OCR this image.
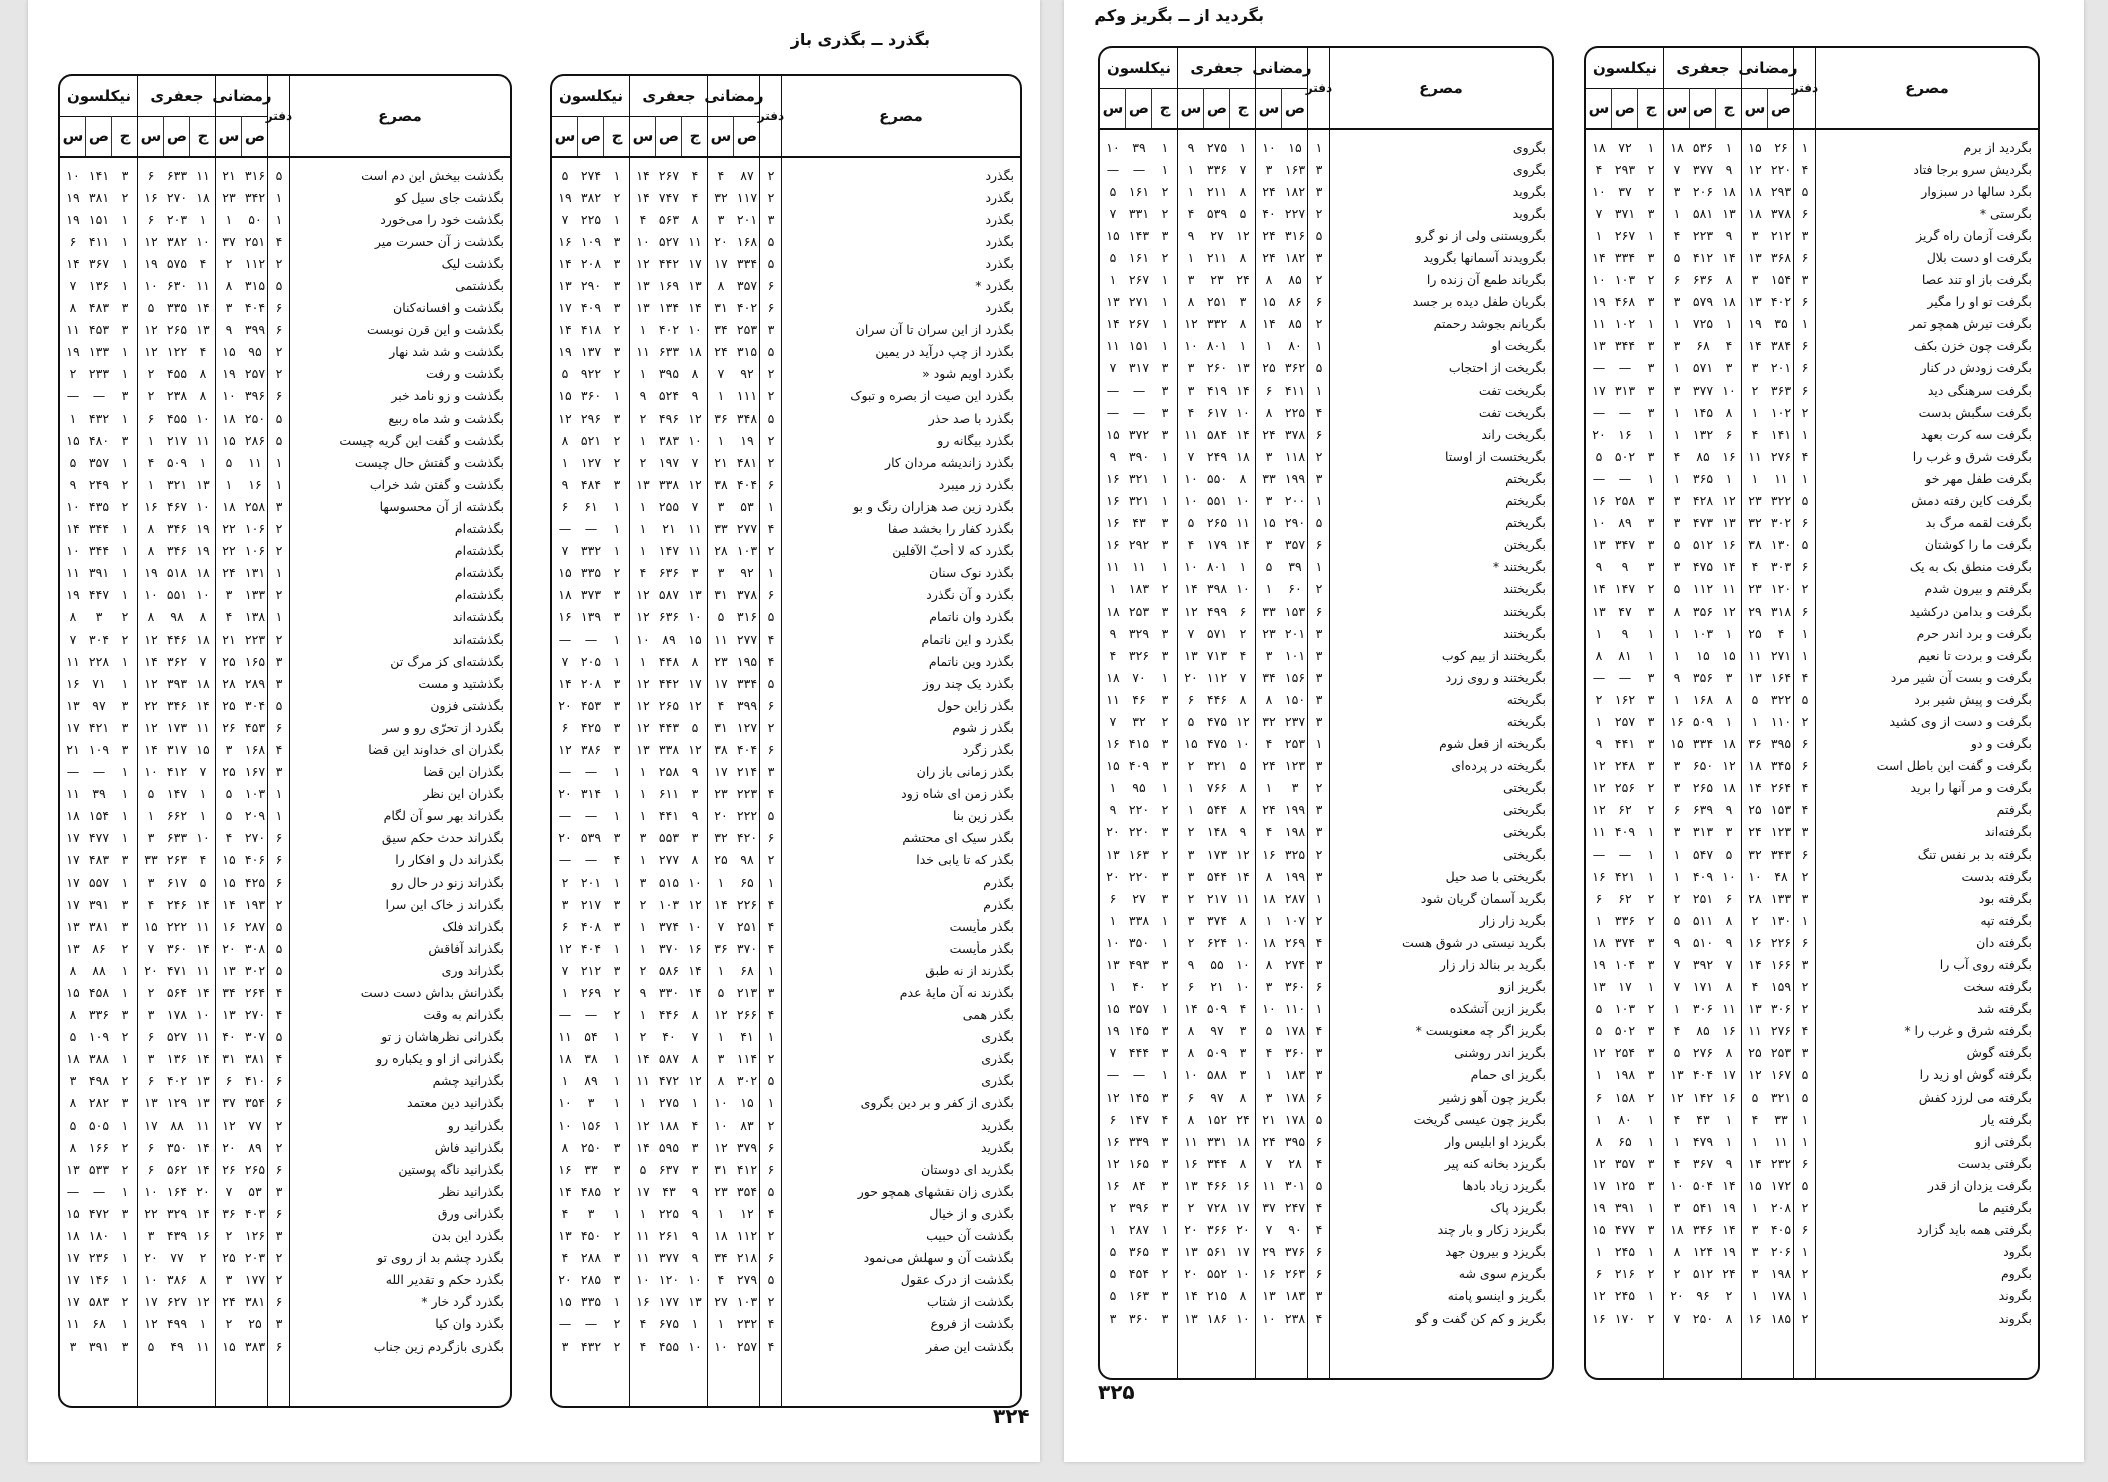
بگذرد ــ بگذری باز
مصرع
دفتر
رمضانی
ص
س
جعفری
ج
ص
س
نیکلسون
ج
ص
س
بگذرد
۲
۸۷
۴
۴
۲۶۷
۱۴
۱
۲۷۴
۵
بگذرد
۲
۱۱۷
۳۲
۴
۷۴۷
۱۴
۲
۳۸۲
۱۹
بگذرد
۳
۲۰۱
۳
۸
۵۶۳
۴
۱
۲۲۵
۷
بگذرد
۵
۱۶۸
۲۰
۱۱
۵۲۷
۱۰
۳
۱۰۹
۱۶
بگذرد
۵
۳۳۴
۱۷
۱۷
۴۴۲
۱۲
۳
۲۰۸
۱۴
بگذرد *
۶
۳۵۷
۸
۱۳
۱۶۹
۱۳
۳
۲۹۰
۱۳
بگذرد
۶
۴۰۲
۳۱
۱۴
۱۳۴
۱۳
۳
۴۰۹
۱۷
بگذرد از این سران تا آن سران
۳
۲۵۳
۳۴
۱۰
۴۰۲
۱
۲
۴۱۸
۱۴
بگذرد از چپ درآید در یمین
۵
۳۱۵
۲۴
۱۸
۶۳۳
۱۱
۳
۱۳۷
۱۹
بگذرد اویم شود «
۲
۹۲
۷
۸
۳۹۵
۱
۲
۹۲۲
۵
بگذرد این صیت از بصره و تبوک
۲
۱۱۱
۱
۹
۵۲۴
۹
۱
۳۶۰
۱۵
بگذرد با صد حذر
۵
۳۴۸
۳۶
۱۲
۴۹۶
۲
۳
۲۹۶
۱۲
بگذرد بیگانه رو
۲
۱۹
۱
۱۰
۳۸۳
۱
۲
۵۲۱
۸
بگذرد زاندیشه مردان کار
۲
۴۸۱
۲۱
۷
۱۹۷
۲
۲
۱۲۷
۱
بگذرد زر میبرد
۶
۴۰۴
۳۸
۱۲
۳۳۸
۱۳
۳
۴۸۴
۹
بگذرد زین صد هزاران رنگ و بو
۱
۵۳
۳
۷
۲۵۵
۱
۱
۶۱
۶
بگذرد کفار را بخشد صفا
۴
۲۷۷
۳۳
۱۱
۲۱
۱
۱
—
—
بگذرد که لا أحبّ الآفلین
۲
۱۰۳
۲۸
۱۱
۱۴۷
۱
۱
۳۳۲
۷
بگذرد نوک سنان
۱
۹۲
۳
۳
۶۳۶
۴
۲
۳۳۵
۱۵
بگذرد و آن نگذرد
۶
۳۷۸
۳۱
۱۳
۵۸۷
۱۲
۳
۳۷۳
۱۸
بگذرد وان ناتمام
۵
۳۱۶
۵
۱۰
۶۳۶
۱۲
۳
۱۳۹
۱۶
بگذرد و این ناتمام
۴
۲۷۷
۱۱
۱۵
۸۹
۱۰
۱
—
—
بگذرد وین ناتمام
۴
۱۹۵
۲۳
۸
۴۴۸
۱
۱
۲۰۵
۷
بگذرد یک چند روز
۵
۳۳۴
۱۷
۱۷
۴۴۲
۱۲
۳
۲۰۸
۱۴
بگذر زاین حول
۶
۳۹۹
۴
۱۲
۲۶۵
۱۲
۳
۴۵۳
۲۰
بگذر ز شوم
۲
۱۲۷
۳۱
۵
۴۴۳
۱۲
۳
۴۲۵
۶
بگذر زگرد
۶
۴۰۴
۳۸
۱۲
۳۳۸
۱۳
۳
۳۸۶
۱۲
بگذر زمانی باز ران
۳
۲۱۴
۱۷
۹
۲۵۸
۱
۱
—
—
بگذر زمن ای شاه زود
۴
۲۲۳
۲۳
۳
۶۱۱
۱
۱
۳۱۴
۲۰
بگذر زین بنا
۵
۲۲۲
۲۰
۹
۴۴۱
۱
۱
—
—
بگذر سیک ای محتشم
۶
۴۲۰
۳۲
۳
۵۵۳
۳
۳
۵۳۹
۲۰
بگذر که تا یابی خدا
۲
۹۸
۲۵
۸
۲۷۷
۱
۴
—
—
بگذرم
۱
۶۵
۱
۱۰
۵۱۵
۳
۱
۲۰۱
۲
بگذرم
۴
۲۲۶
۱۴
۱۲
۱۰۳
۲
۳
۲۱۷
۳
بگذر مأیست
۴
۲۵۱
۷
۱۰
۳۷۴
۱
۳
۴۰۸
۶
بگذر مأیست
۴
۳۷۰
۳۶
۱۶
۳۷۰
۱
۱
۴۰۴
۱۲
بگذرند از نه طبق
۱
۶۸
۱
۱۴
۵۸۶
۲
۳
۲۱۲
۷
بگذرند نه آن مایهٔ عدم
۳
۲۱۳
۵
۱۴
۳۳۰
۹
۲
۲۶۹
۱
بگذر همی
۴
۲۶۶
۱۲
۸
۴۴۶
۱
۲
—
—
بگذری
۱
۴۱
۱
۷
۴۰
۲
۱
۵۴
۱۱
بگذری
۲
۱۱۴
۳
۸
۵۸۷
۱۴
۱
۳۸
۱۸
بگذری
۵
۳۰۲
۸
۱۲
۴۷۲
۱۱
۱
۸۹
۱
بگذری از کفر و بر دین بگروی
۱
۱۵
۱۰
۱
۲۷۵
۱
۱
۳
۱۰
بگذرید
۲
۸۳
۱۰
۴
۱۸۸
۱۲
۱
۱۵۶
۱۰
بگذرید
۶
۳۷۹
۱۲
۳
۵۹۵
۱۴
۳
۲۵۰
۸
بگذرید ای دوستان
۶
۴۱۲
۳۱
۳
۶۳۷
۵
۳
۳۳
۱۶
بگذری زان نقشهای همچو حور
۵
۳۵۴
۲۳
۹
۴۳
۱۷
۲
۴۸۵
۱۴
بگذری و از خیال
۴
۱۲
۱
۹
۲۲۵
۱
۱
۳
۴
بگذشت آن حبیب
۲
۱۱۲
۱۸
۹
۲۶۱
۱۱
۲
۴۵۰
۱۳
بگذشت آن و سهلش می‌نمود
۶
۲۱۸
۳۴
۹
۳۷۷
۱۱
۳
۲۸۸
۴
بگذشت از درک عقول
۵
۲۷۹
۴
۱۰
۱۲۰
۱۰
۳
۲۸۵
۲۰
بگذشت از شتاب
۲
۱۰۳
۲۷
۱۳
۱۷۷
۱۶
۱
۳۳۵
۱۵
بگذشت از فروع
۴
۲۳۲
۱
۱
۶۷۵
۴
۲
—
—
بگذشت این صفر
۴
۲۵۷
۱۰
۱۰
۴۵۵
۴
۲
۴۳۲
۳
مصرع
دفتر
رمضانی
ص
س
جعفری
ج
ص
س
نیکلسون
ج
ص
س
بگذشت بیخش این دم است
۵
۳۱۶
۲۱
۱۱
۶۳۳
۶
۳
۱۴۱
۱۰
بگذشت جای سیل کو
۱
۳۴۲
۲۳
۱۸
۲۷۰
۱۶
۲
۳۸۱
۱۹
بگذشت خود را می‌خورد
۱
۵۰
۱
۱
۲۰۳
۶
۱
۱۵۱
۱۹
بگذشت ز آن حسرت میر
۴
۲۵۱
۳۷
۱۰
۳۸۲
۱۲
۱
۴۱۱
۶
بگذشت لیک
۲
۱۱۲
۲
۴
۵۷۵
۱۹
۱
۳۶۷
۱۴
بگذشتمی
۵
۳۱۵
۸
۱۱
۶۳۰
۱۰
۱
۱۳۶
۷
بگذشت و افسانه‌کنان
۶
۴۰۴
۳
۱۴
۳۳۵
۵
۳
۴۸۳
۸
بگذشت و این قرن نوبست
۶
۳۹۹
۹
۱۳
۲۶۵
۱۲
۳
۴۵۳
۱۱
بگذشت و شد شد نهار
۲
۹۵
۱۵
۴
۱۲۲
۱۲
۱
۱۳۳
۱۹
بگذشت و رفت
۲
۲۵۷
۱۹
۸
۴۵۵
۲
۱
۲۳۳
۲
بگذشت و زو نامد خبر
۶
۳۹۶
۱۰
۸
۲۳۸
۲
۳
—
—
بگذشت و شد ماه ربیع
۵
۲۵۰
۱۸
۱۰
۴۵۵
۶
۱
۴۳۲
۱
بگذشت و گفت این گریه چیست
۵
۲۸۶
۱۵
۱۱
۲۱۷
۱
۳
۴۸۰
۱۵
بگذشت و گفتش حال چیست
۱
۱۱
۵
۱
۵۰۹
۴
۱
۳۵۷
۵
بگذشت و گفتن شد خراب
۱
۱۶
۱
۱۳
۳۲۱
۱
۲
۲۴۹
۹
بگذشته از آن محسوسها
۳
۲۵۸
۱۸
۱۰
۴۶۷
۱۶
۲
۴۳۵
۱۰
بگذشته‌ام
۲
۱۰۶
۲۲
۱۹
۳۴۶
۸
۱
۳۴۴
۱۴
بگذشته‌ام
۲
۱۰۶
۲۲
۱۹
۳۴۶
۸
۱
۳۴۴
۱۰
بگذشته‌ام
۱
۱۳۱
۲۴
۱۸
۵۱۸
۱۹
۱
۳۹۱
۱۱
بگذشته‌ام
۲
۱۳۳
۳
۱۰
۵۵۱
۱۰
۱
۴۴۷
۱۹
بگذشته‌اند
۱
۱۳۸
۴
۸
۹۸
۸
۲
۳
۸
بگذشته‌اند
۲
۲۲۳
۲۱
۱۸
۴۴۶
۱۲
۲
۳۰۴
۷
بگذشته‌ای کز مرگ تن
۳
۱۶۵
۲۵
۷
۳۶۲
۱۴
۱
۲۲۸
۱۱
بگذشتید و مست
۳
۲۸۹
۲۸
۱۸
۳۹۳
۱۲
۱
۷۱
۱۶
بگذشتی فزون
۵
۳۰۴
۲۵
۱۴
۳۴۶
۲۲
۳
۹۷
۱۳
بگذرد از تحرّی رو و سر
۶
۴۵۳
۲۶
۱۱
۱۷۳
۱۲
۳
۴۲۱
۱۷
بگذران ای خداوند این قضا
۴
۱۶۸
۳
۱۵
۳۱۷
۱۴
۳
۱۰۹
۲۱
بگذران این قضا
۳
۱۶۷
۲۵
۷
۴۱۲
۱۰
۱
—
—
بگذران این نظر
۱
۱۰۳
۵
۱
۱۴۷
۵
۱
۳۹
۱۱
بگذراند بهر سو آن لگام
۱
۲۰۹
۵
۱
۶۶۲
۱
۱
۱۵۴
۱۸
بگذراند حدث حکم سیق
۶
۲۷۰
۴
۱۰
۶۳۳
۳
۱
۴۷۷
۱۷
بگذراند دل و افکار را
۶
۴۰۶
۱۵
۴
۲۶۳
۳۳
۳
۴۸۳
۱۷
بگذراند زنو در حال رو
۶
۴۲۵
۱۵
۵
۶۱۷
۳
۱
۵۵۷
۱۷
بگذراند ز خاک این سرا
۲
۱۹۳
۱۴
۱۴
۲۴۶
۴
۳
۳۹۱
۱۷
بگذراند فلک
۵
۲۸۷
۱۶
۱۱
۲۲۲
۱۵
۳
۳۸۱
۱۳
بگذراند آفاقش
۵
۳۰۸
۲۰
۱۴
۳۶۰
۷
۲
۸۶
۱۳
بگذراند وری
۵
۳۰۲
۱۳
۱۱
۴۷۱
۲۰
۱
۸۸
۸
بگذرانش بداش دست دست
۴
۲۶۴
۳۴
۱۴
۵۶۴
۲
۱
۴۵۸
۱۵
بگذرانم به وقت
۴
۲۷۰
۱۳
۱۰
۱۷۸
۳
۳
۳۳۶
۸
بگذرانی نظرهاشان ز تو
۵
۳۰۷
۴۰
۱۱
۵۲۷
۶
۲
۱۰۹
۵
بگذرانی از او و یکباره رو
۴
۳۸۱
۳۱
۱۴
۱۳۶
۳
۱
۳۸۸
۱۸
بگذرانید چشم
۶
۴۱۰
۶
۱۳
۴۰۲
۶
۲
۴۹۸
۳
بگذرانید دین معتمد
۶
۳۵۴
۳۷
۱۳
۱۲۹
۱۳
۳
۲۸۲
۸
بگذرانید رو
۲
۷۷
۱۲
۱۱
۸۸
۱۷
۱
۵۰۵
۵
بگذرانید فاش
۲
۸۹
۲۰
۱۴
۳۵۰
۶
۲
۱۶۶
۸
بگذرانید ناگه پوستین
۶
۲۶۵
۲۶
۱۴
۵۶۲
۶
۲
۵۳۳
۱۳
بگذرانید نظر
۳
۵۳
۷
۲۰
۱۶۴
۱۰
۱
—
—
بگذرانی ورق
۶
۴۰۳
۳۶
۱۴
۳۲۹
۲۲
۳
۴۷۲
۱۵
بگذرد این بدن
۳
۱۲۶
۲
۱۶
۴۳۹
۳
۱
۱۸۰
۱۸
بگذرد چشم بد از روی تو
۲
۲۰۳
۲۵
۲
۷۷
۲۰
۱
۲۳۶
۱۷
بگذرد حکم و تقدیر الله
۲
۱۷۷
۳
۸
۳۸۶
۱۰
۱
۱۴۶
۱۷
بگذرد گرد خار *
۶
۳۸۱
۲۴
۱۲
۶۲۷
۱۷
۲
۵۸۳
۱۷
بگذرد وان کیا
۳
۲۵
۲
۱
۴۹۹
۱۲
۱
۶۸
۱۱
بگذری بازگردم زین جناب
۶
۳۸۳
۱۵
۱۱
۴۹
۵
۳
۳۹۱
۳
۳۲۴
بگردید از ــ بگریز وکم
مصرع
دفتر
رمضانی
ص
س
جعفری
ج
ص
س
نیکلسون
ج
ص
س
بگردید از برم
۱
۲۶
۱۵
۱
۵۳۶
۱۸
۱
۷۲
۱۸
بگردیش سرو برجا فتاد
۴
۲۲۰
۱۲
۹
۳۷۷
۷
۲
۲۹۳
۴
بگرد سالها در سبزوار
۵
۲۹۳
۱۸
۱۸
۲۰۶
۳
۲
۳۷
۱۰
بگرستی *
۶
۳۷۸
۱۸
۱۳
۵۸۱
۱
۳
۳۷۱
۷
بگرفت آزمان راه گریز
۳
۲۱۲
۳
۹
۲۲۳
۴
۱
۲۶۷
۱
بگرفت او دست بلال
۶
۳۶۸
۱۳
۱۴
۴۱۲
۵
۳
۳۳۴
۱۴
بگرفت باز او تند عصا
۳
۱۵۴
۳
۸
۶۳۶
۶
۲
۱۰۳
۱۰
بگرفت تو او را مگیر
۶
۴۰۲
۱۳
۱۸
۵۷۹
۳
۳
۴۶۸
۱۹
بگرفت تیرش همچو تمر
۱
۳۵
۱۹
۱
۷۲۵
۱
۱
۱۰۲
۱۱
بگرفت چون خزن بکف
۶
۳۸۴
۱۴
۴
۶۸
۳
۳
۳۴۴
۱۳
بگرفت زودش در کنار
۶
۲۰۱
۳
۳
۵۷۱
۱
۳
—
—
بگرفت سرهنگی دید
۶
۳۶۳
۲
۱۰
۳۷۷
۳
۳
۳۱۳
۱۷
بگرفت سگبش بدست
۲
۱۰۲
۱
۸
۱۴۵
۱
۳
—
—
بگرفت سه کرت بعهد
۱
۱۴۱
۴
۶
۱۳۲
۱
۱
۱۶
۲۰
بگرفت شرق و غرب را
۴
۲۷۶
۱۱
۱۶
۸۵
۴
۳
۵۰۲
۵
بگرفت طفل مهر خو
۱
۱۱
۱
۱
۳۶۵
۱
۱
—
—
بگرفت کاین رفته دمش
۵
۳۲۲
۲۳
۱۲
۴۲۸
۳
۳
۲۵۸
۱۶
بگرفت لقمه مرگ بد
۶
۳۰۲
۳۲
۱۳
۴۷۳
۳
۳
۸۹
۱۰
بگرفت ما را کوشتان
۵
۱۳۰
۳۸
۱۶
۵۱۲
۵
۳
۳۴۷
۱۳
بگرفت منطق بک به یک
۶
۳۰۳
۴
۱۴
۴۷۵
۳
۳
۹
۹
بگرفتم و بیرون شدم
۲
۱۲۰
۲۳
۱۱
۱۱۲
۵
۲
۱۴۷
۱۴
بگرفت و بدامن درکشید
۶
۳۱۸
۲۹
۱۲
۳۵۶
۸
۳
۴۷
۱۳
بگرفت و برد اندر حرم
۱
۴
۲۵
۱
۱۰۳
۱
۱
۹
۱
بگرفت و بردت تا نعیم
۱
۲۷۱
۱۱
۱۵
۱۵
۱
۱
۸۱
۸
بگرفت و بست آن شیر مرد
۴
۱۶۴
۱۳
۳
۳۵۶
۹
۳
—
—
بگرفت و پیش شیر برد
۵
۳۲۲
۵
۸
۱۶۸
۱
۳
۱۶۲
۲
بگرفت و دست از وی کشید
۲
۱۱۰
۱
۱
۵۰۹
۱۶
۳
۲۵۷
۱
بگرفت و دو
۶
۳۹۵
۳۶
۱۸
۳۳۴
۱۵
۳
۴۴۱
۹
بگرفت و گفت این باطل است
۶
۳۴۵
۱۸
۱۲
۶۵۰
۳
۳
۲۴۸
۱۲
بگرفت و مر آنها را برید
۴
۲۶۴
۱۴
۱۸
۲۶۵
۳
۲
۲۵۶
۱۲
بگرفتم
۴
۱۵۳
۲۵
۹
۶۳۹
۶
۲
۶۲
۱۲
بگرفته‌اند
۳
۱۲۳
۲۴
۳
۳۱۳
۳
۱
۴۰۹
۱۱
بگرفته بد بر نفس تنگ
۶
۳۴۳
۳۲
۵
۵۴۷
۱
۱
—
—
بگرفته بدست
۲
۴۸
۱۰
۱۰
۴۰۹
۱
۱
۴۲۱
۱۶
بگرفته بود
۳
۱۳۳
۲۸
۶
۲۵۱
۲
۲
۶۲
۶
بگرفته تپه
۱
۱۳۰
۲
۸
۵۱۱
۵
۲
۳۳۶
۱
بگرفته دان
۶
۲۲۶
۱۶
۹
۵۱۰
۹
۳
۳۷۴
۱۸
بگرفته روی آب را
۳
۱۶۶
۱۴
۷
۳۹۲
۷
۳
۱۰۴
۱۹
بگرفته سخت
۲
۱۵۹
۴
۸
۱۷۱
۷
۱
۱۷
۱۳
بگرفته شد
۲
۳۰۶
۱۳
۱۱
۳۰۶
۱
۲
۱۰۳
۵
بگرفته شرق و غرب را *
۴
۲۷۶
۱۱
۱۶
۸۵
۴
۳
۵۰۲
۵
بگرفته گوش
۳
۲۵۳
۲۵
۸
۲۷۶
۵
۳
۲۵۴
۱۲
بگرفته گوش او زید را
۵
۱۶۷
۱۲
۱۷
۴۰۴
۱۳
۳
۱۹۸
۱
بگرفته می لرزد کفش
۵
۳۲۱
۵
۱۶
۱۴۲
۱۲
۲
۱۵۸
۶
بگرفته یار
۱
۳۳
۴
۱
۴۳
۴
۱
۸۰
۱
بگرفتی ازو
۱
۱۱
۱
۱
۴۷۹
۱
۱
۶۵
۸
بگرفتی بدست
۶
۲۳۲
۱۴
۹
۳۶۷
۴
۳
۳۵۷
۱۲
بگرفت یزدان از قدر
۵
۱۷۲
۱۵
۱۴
۵۰۴
۱۰
۳
۱۲۵
۱۷
بگرفتیم ما
۲
۲۰۸
۱
۱۹
۵۴۱
۳
۱
۳۹۱
۱۹
بگرفتی همه باید گزارد
۶
۴۰۵
۳
۱۴
۳۴۶
۱۸
۳
۴۷۷
۱۵
بگرود
۱
۲۰۶
۳
۱۹
۱۲۴
۸
۱
۲۴۵
۱
بگروم
۲
۱۹۸
۳
۲۴
۵۱۲
۲
۲
۲۱۶
۶
بگروند
۱
۱۷۸
۱
۲
۹۶
۲۰
۱
۲۴۵
۱۲
بگروند
۲
۱۸۵
۱۶
۸
۲۵۰
۷
۲
۱۷۰
۱۶
مصرع
دفتر
رمضانی
ص
س
جعفری
ج
ص
س
نیکلسون
ج
ص
س
بگروی
۱
۱۵
۱۰
۱
۲۷۵
۹
۱
۳۹
۱۰
بگروی
۳
۱۶۳
۳
۷
۳۳۶
۱
۱
—
—
بگروید
۳
۱۸۲
۲۴
۸
۲۱۱
۱
۲
۱۶۱
۵
بگروید
۲
۲۲۷
۴۰
۵
۵۳۹
۴
۲
۳۳۱
۷
بگرویستنی ولی از نو گرو
۵
۳۱۶
۲۴
۱۲
۲۷
۹
۳
۱۴۳
۱۵
بگرویدند آسمانها بگروید
۳
۱۸۲
۲۴
۸
۲۱۱
۱
۲
۱۶۱
۵
بگریاند طمع آن زنده را
۲
۸۵
۸
۲۴
۲۳
۳
۱
۲۶۷
۱
بگریان طفل دیده بر جسد
۶
۸۶
۱۵
۳
۲۵۱
۸
۱
۲۷۱
۱۳
بگریانم بجوشد رحمتم
۲
۸۵
۱۴
۸
۳۳۲
۱۲
۱
۲۶۷
۱۴
بگریخت او
۱
۸۰
۱
۱
۸۰۱
۱۰
۱
۱۵۱
۱۱
بگریخت از احتجاب
۵
۳۶۲
۲۵
۱۳
۲۶۰
۳
۳
۳۱۷
۷
بگریخت تفت
۱
۴۱۱
۶
۱۴
۴۱۹
۳
۳
—
—
بگریخت تفت
۴
۲۲۵
۸
۱۰
۶۱۷
۴
۳
—
—
بگریخت راند
۶
۳۷۸
۲۴
۱۴
۵۸۴
۱۱
۳
۳۷۲
۱۵
بگریختست از اوستا
۲
۱۱۸
۳
۱۸
۲۴۹
۷
۱
۳۹۰
۹
بگریختم
۳
۱۹۹
۳۳
۸
۵۵۰
۱۰
۱
۳۲۱
۱۶
بگریختم
۱
۲۰۰
۳
۱۰
۵۵۱
۱۰
۱
۳۲۱
۱۶
بگریختم
۵
۲۹۰
۱۵
۱۱
۲۶۵
۵
۳
۴۳
۱۶
بگریختن
۶
۳۵۷
۳
۱۴
۱۷۹
۴
۳
۲۹۲
۱۶
بگریختند *
۱
۳۹
۵
۱
۸۰۱
۱۰
۱
۱۱
۱۱
بگریختند
۲
۶۰
۱
۱۰
۳۹۸
۱۴
۲
۱۸۳
۱
بگریختند
۶
۱۵۳
۳۳
۶
۴۹۹
۱۲
۳
۲۵۳
۱۸
بگریختند
۳
۲۰۱
۲۳
۲
۵۷۱
۷
۳
۳۲۹
۹
بگریختند از بیم کوب
۳
۱۰۱
۳
۴
۷۱۳
۱۳
۳
۳۲۶
۴
بگریختند و روی زرد
۳
۱۵۶
۳۴
۷
۱۱۲
۲۰
۱
۷۰
۱۸
بگریخته
۳
۱۵۰
۸
۸
۴۴۶
۶
۳
۴۶
۱۱
بگریخته
۳
۲۳۷
۳۲
۱۲
۴۷۵
۵
۲
۳۲
۷
بگریخته از قعل شوم
۱
۲۵۳
۴
۱۰
۴۷۵
۱۵
۳
۴۱۵
۱۶
بگریخته در پرده‌ای
۳
۱۲۳
۲۴
۵
۳۲۱
۲
۳
۴۰۹
۱۵
بگریختی
۲
۳
۱
۸
۷۶۶
۱
۱
۹۵
۱
بگریختی
۳
۱۹۹
۲۴
۸
۵۴۴
۱
۲
۲۲۰
۹
بگریختی
۳
۱۹۸
۴
۹
۱۴۸
۲
۳
۲۲۰
۲۰
بگریختی
۲
۳۲۵
۱۶
۱۲
۱۷۳
۳
۲
۱۶۳
۱۳
بگریختی با صد حیل
۳
۱۹۹
۸
۱۴
۵۴۴
۳
۳
۲۲۰
۲۰
بگرید آسمان گریان شود
۱
۲۸۷
۱۸
۱۱
۲۱۷
۲
۳
۲۷
۶
بگرید زار زار
۲
۱۰۷
۱
۸
۳۷۴
۳
۱
۳۳۸
۱
بگرید نیستی در شوق هست
۴
۲۶۹
۱۸
۱۰
۶۲۴
۲
۱
۳۵۰
۱۰
بگرید بر بنالد زار زار
۳
۲۷۴
۸
۱۰
۵۵
۹
۳
۴۹۳
۱۳
بگریز ازو
۶
۳۶۰
۳
۱۰
۲۱
۶
۲
۴۰
۱
بگریز ازین آتشکده
۱
۱۱۰
۱۰
۴
۵۰۹
۱۴
۱
۳۵۷
۱۵
بگریز اگر چه معنویست *
۴
۱۷۸
۵
۳
۹۷
۸
۳
۱۴۵
۱۹
بگریز اندر روشنی
۳
۳۶۰
۴
۳
۵۰۹
۸
۳
۴۴۴
۷
بگریز ای حمام
۳
۱۸۳
۱
۳
۵۸۸
۱۰
۱
—
—
بگریز چون آهو زشیر
۶
۱۷۸
۳
۸
۹۷
۶
۳
۱۴۵
۱۲
بگریز چون عیسی گریخت
۵
۱۷۸
۲۱
۲۴
۱۵۲
۸
۴
۱۴۷
۶
بگریزد او ابلیس وار
۶
۳۹۵
۲۴
۱۸
۳۳۱
۱۱
۳
۳۳۹
۱۶
بگریزد بخانه کنه پیر
۴
۲۸
۷
۸
۳۴۴
۱۶
۳
۱۶۵
۱۲
بگریزد زیاد بادها
۵
۳۰۱
۱۱
۱۶
۴۶۶
۱۳
۳
۸۴
۱۶
بگریزد پاک
۴
۲۴۷
۳۷
۱۷
۷۲۸
۲
۳
۳۹۶
۲
بگریزد زکار و بار چند
۴
۹۰
۷
۲۰
۳۶۶
۲۰
۱
۲۸۷
۱
بگریزد و بیرون جهد
۶
۳۷۶
۲۹
۱۷
۵۶۱
۱۳
۳
۳۶۵
۵
بگریزم سوی شه
۶
۲۶۳
۱۶
۱۰
۵۵۲
۲۰
۲
۴۵۴
۵
بگریز و اینسو پامنه
۳
۱۸۳
۱۳
۸
۲۱۵
۱۴
۳
۱۶۳
۵
بگریز و کم کن گفت و گو
۴
۲۳۸
۱۰
۱۰
۱۸۶
۱۳
۳
۳۶۰
۳
۳۲۵
